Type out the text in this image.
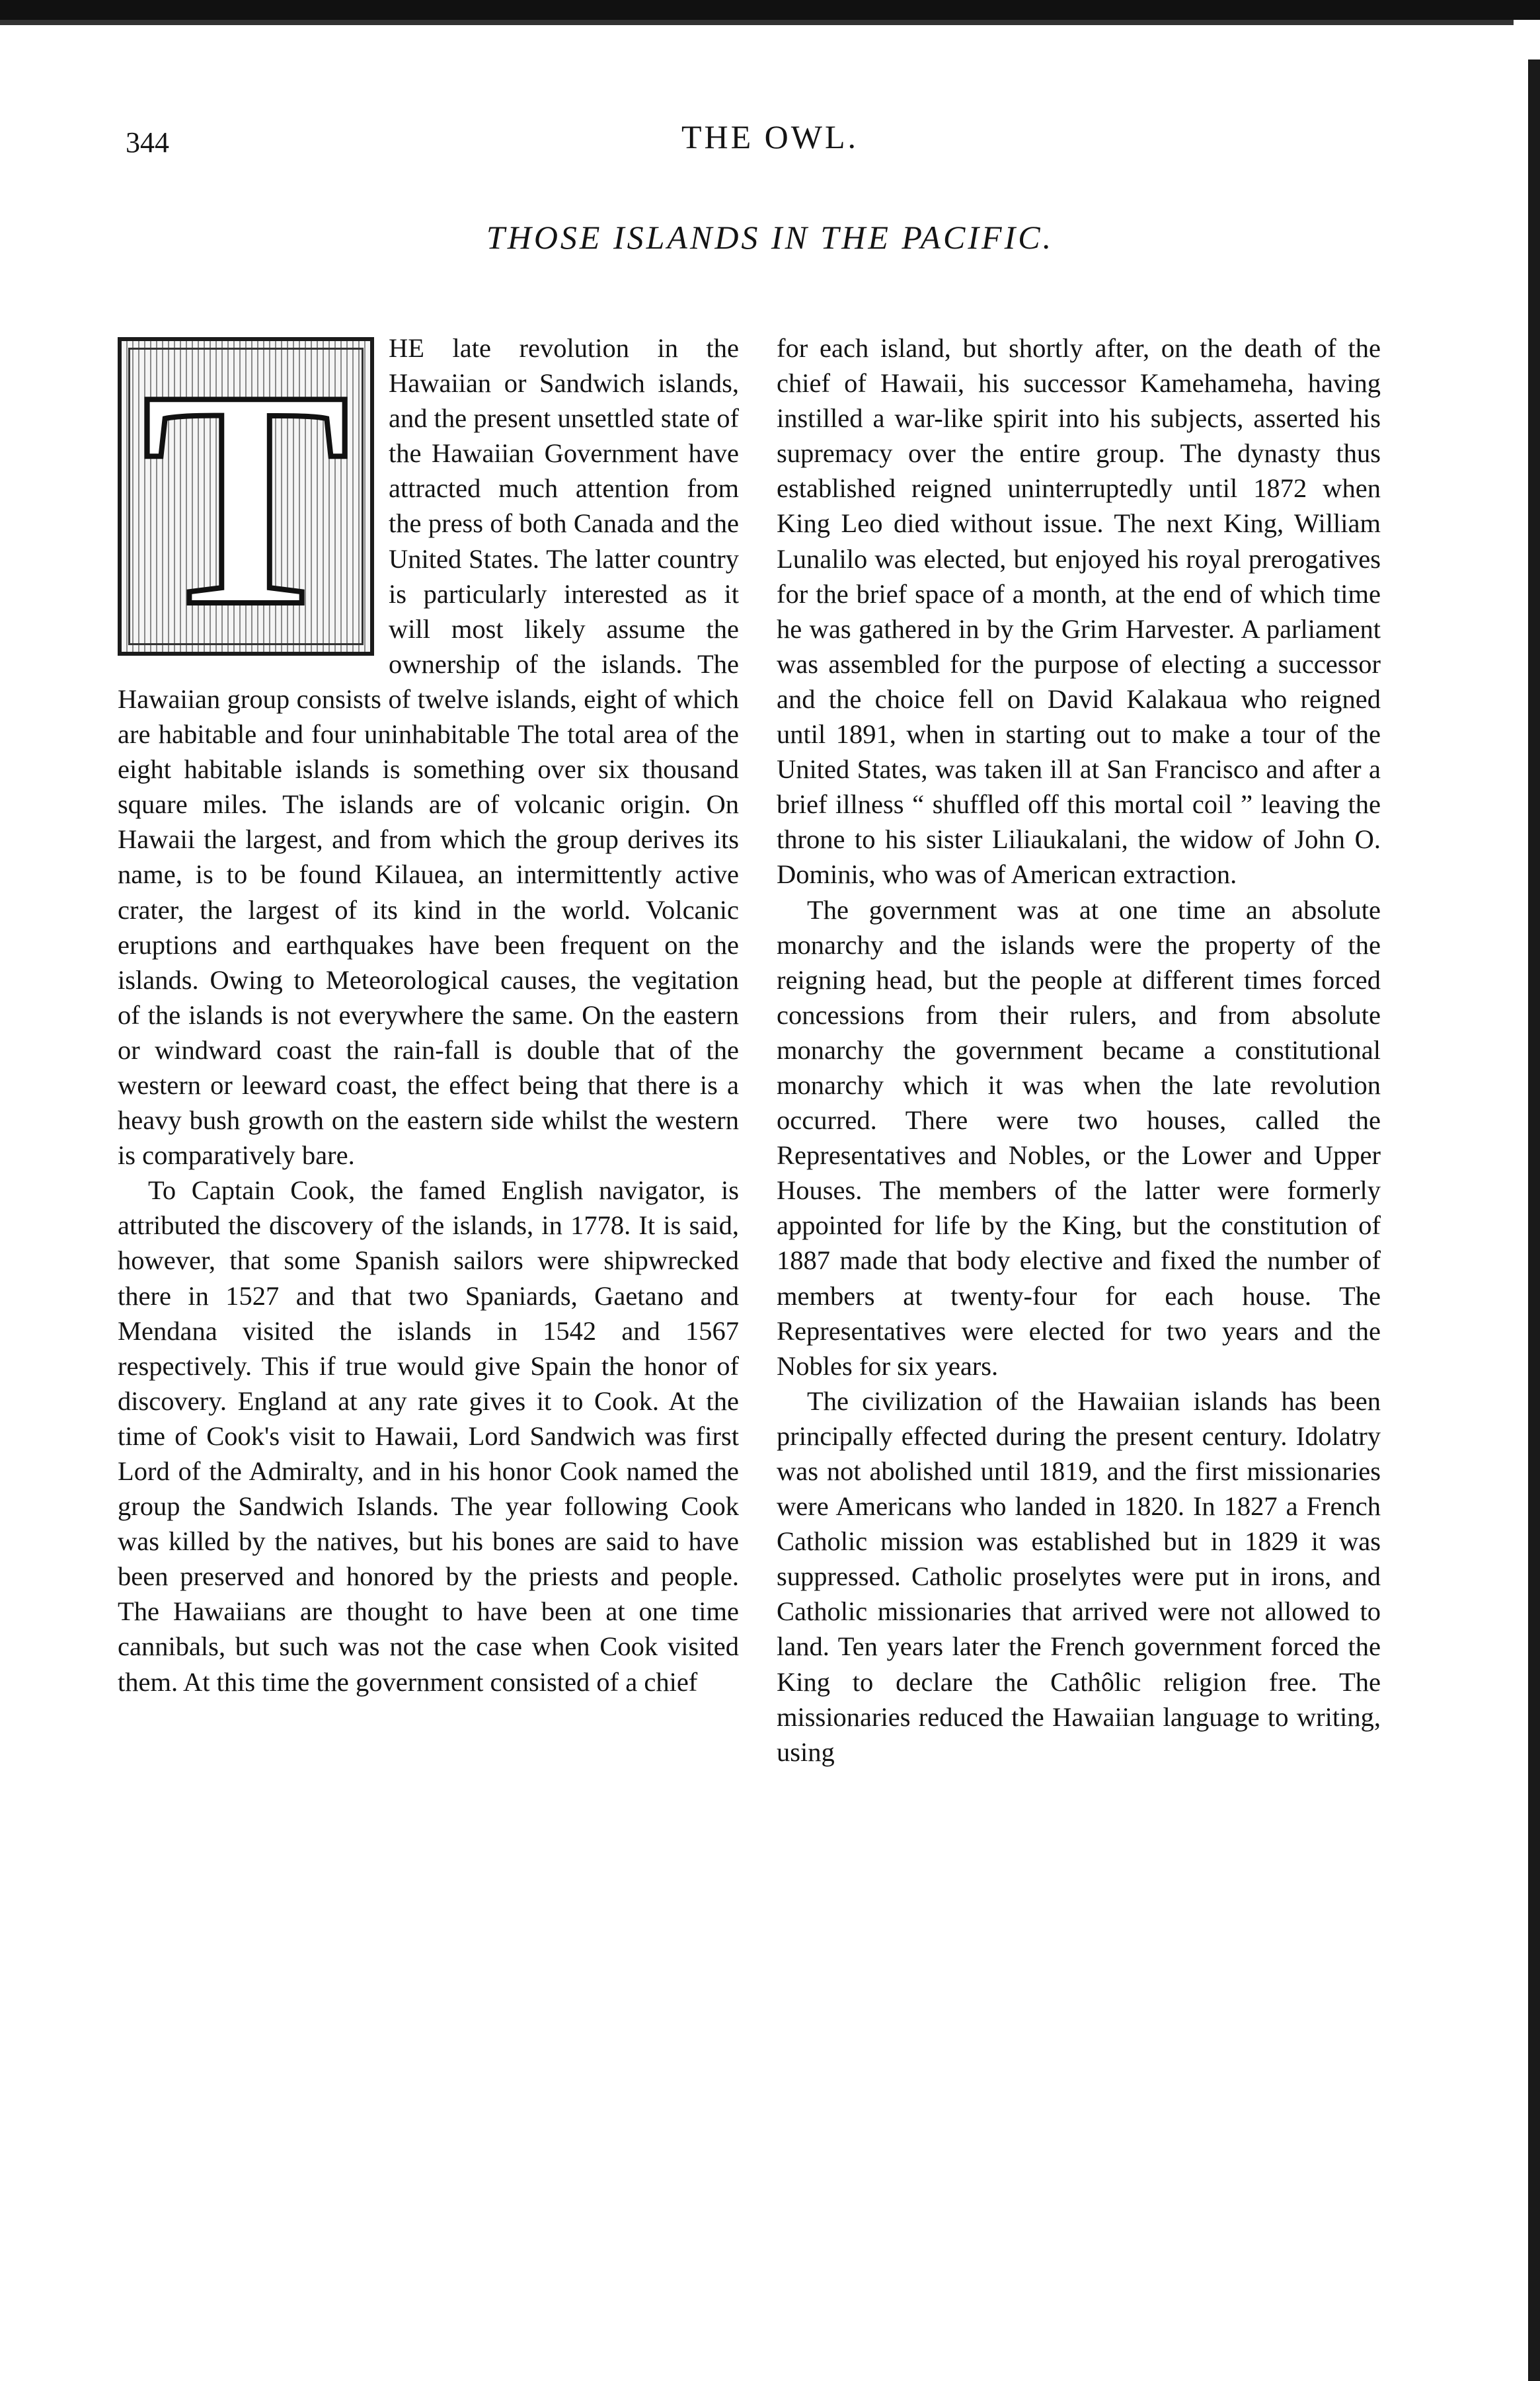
344	THE OWL.
THOSE ISLANDS IN THE PACIFIC.
T	HE late revolution in the Hawaiian or Sandwich islands, and the present unsettled state of the Hawaiian Government have attracted much attention from the press of both Canada and the United States. The latter country is particularly interested as it will most likely assume the ownership of the islands. The Hawaiian group consists of twelve islands, eight of which are habitable and four uninhabitable The total area of the eight habitable islands is something over six thousand square miles. The islands are of volcanic origin. On Hawaii the largest, and from which the group derives its name, is to be found Kilauea, an intermittently active crater, the largest of its kind in the world. Volcanic eruptions and earthquakes have been frequent on the islands. Owing to Meteorological causes, the vegitation of the islands is not everywhere the same. On the eastern or windward coast the rain-fall is double that of the western or leeward coast, the effect being that there is a heavy bush growth on the eastern side whilst the western is comparatively bare.

To Captain Cook, the famed English navigator, is attributed the discovery of the islands, in 1778. It is said, however, that some Spanish sailors were shipwrecked there in 1527 and that two Spaniards, Gaetano and Mendana visited the islands in 1542 and 1567 respectively. This if true would give Spain the honor of discovery. England at any rate gives it to Cook. At the time of Cook's visit to Hawaii, Lord Sandwich was first Lord of the Admiralty, and in his honor Cook named the group the Sandwich Islands. The year following Cook was killed by the natives, but his bones are said to have been preserved and honored by the priests and people. The Hawaiians are thought to have been at one time cannibals, but such was not the case when Cook visited them. At this time the government consisted of a chief

for each island, but shortly after, on the death of the chief of Hawaii, his successor Kamehameha, having instilled a war-like spirit into his subjects, asserted his supremacy over the entire group. The dynasty thus established reigned uninterruptedly until 1872 when King Leo died without issue. The next King, William Lunalilo was elected, but enjoyed his royal prerogatives for the brief space of a month, at the end of which time he was gathered in by the Grim Harvester. A parliament was assembled for the purpose of electing a successor and the choice fell on David Kalakaua who reigned until 1891, when in starting out to make a tour of the United States, was taken ill at San Francisco and after a brief illness “ shuffled off this mortal coil ” leaving the throne to his sister Liliaukalani, the widow of John O. Dominis, who was of American extraction.

The government was at one time an absolute monarchy and the islands were the property of the reigning head, but the people at different times forced concessions from their rulers, and from absolute monarchy the government became a constitutional monarchy which it was when the late revolution occurred. There were two houses, called the Representatives and Nobles, or the Lower and Upper Houses. The members of the latter were formerly appointed for life by the King, but the constitution of 1887 made that body elective and fixed the number of members at twenty-four for each house. The Representatives were elected for two years and the Nobles for six years.

The civilization of the Hawaiian islands has been principally effected during the present century. Idolatry was not abolished until 1819, and the first missionaries were Americans who landed in 1820. In 1827 a French Catholic mission was established but in 1829 it was suppressed. Catholic proselytes were put in irons, and Catholic missionaries that arrived were not allowed to land. Ten years later the French government forced the King to declare the Cathôlic religion free. The missionaries reduced the Hawaiian language to writing, using
